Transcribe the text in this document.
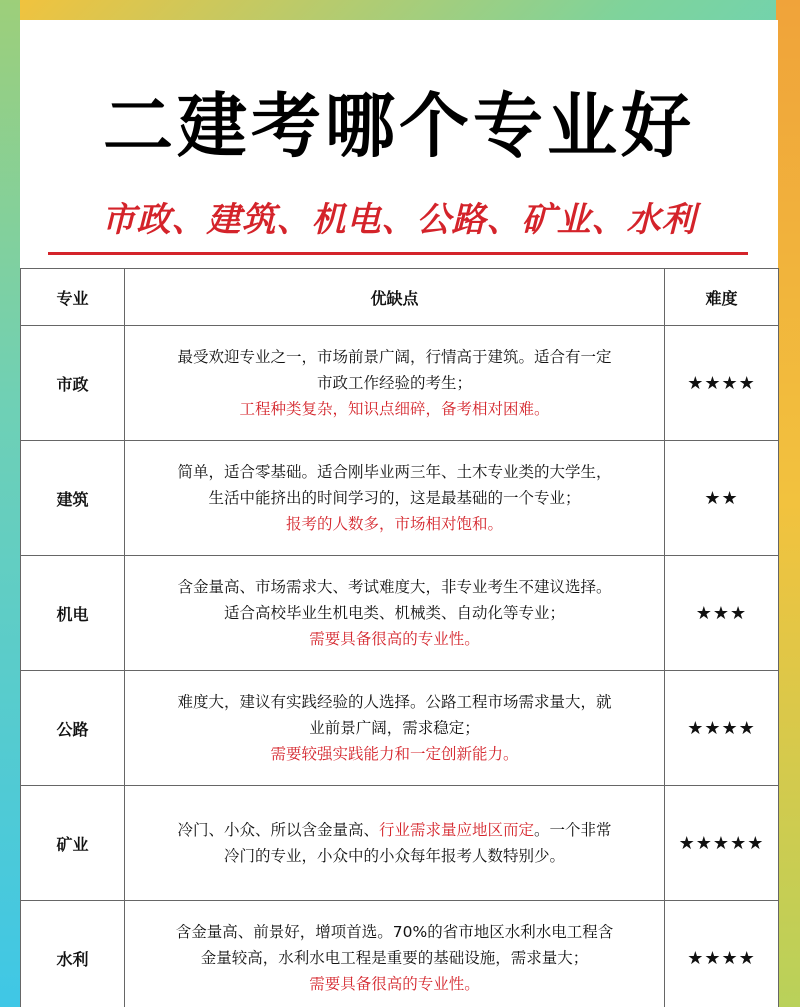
二建考哪个专业好
市政、建筑、机电、公路、矿业、水利
专业	优缺点	难度
市政	最受欢迎专业之一，市场前景广阔，行情高于建筑。适合有一定
市政工作经验的考生；
工程种类复杂，知识点细碎，备考相对困难。	★★★★
建筑	简单，适合零基础。适合刚毕业两三年、土木专业类的大学生，
生活中能挤出的时间学习的，这是最基础的一个专业；
报考的人数多，市场相对饱和。	★★
机电	含金量高、市场需求大、考试难度大，非专业考生不建议选择。
适合高校毕业生机电类、机械类、自动化等专业；
需要具备很高的专业性。	★★★
公路	难度大，建议有实践经验的人选择。公路工程市场需求量大，就
业前景广阔，需求稳定；
需要较强实践能力和一定创新能力。	★★★★
矿业	冷门、小众、所以含金量高、行业需求量应地区而定。一个非常
冷门的专业，小众中的小众每年报考人数特别少。	★★★★★
水利	含金量高、前景好，增项首选。70%的省市地区水利水电工程含
金量较高，水利水电工程是重要的基础设施，需求量大；
需要具备很高的专业性。	★★★★
